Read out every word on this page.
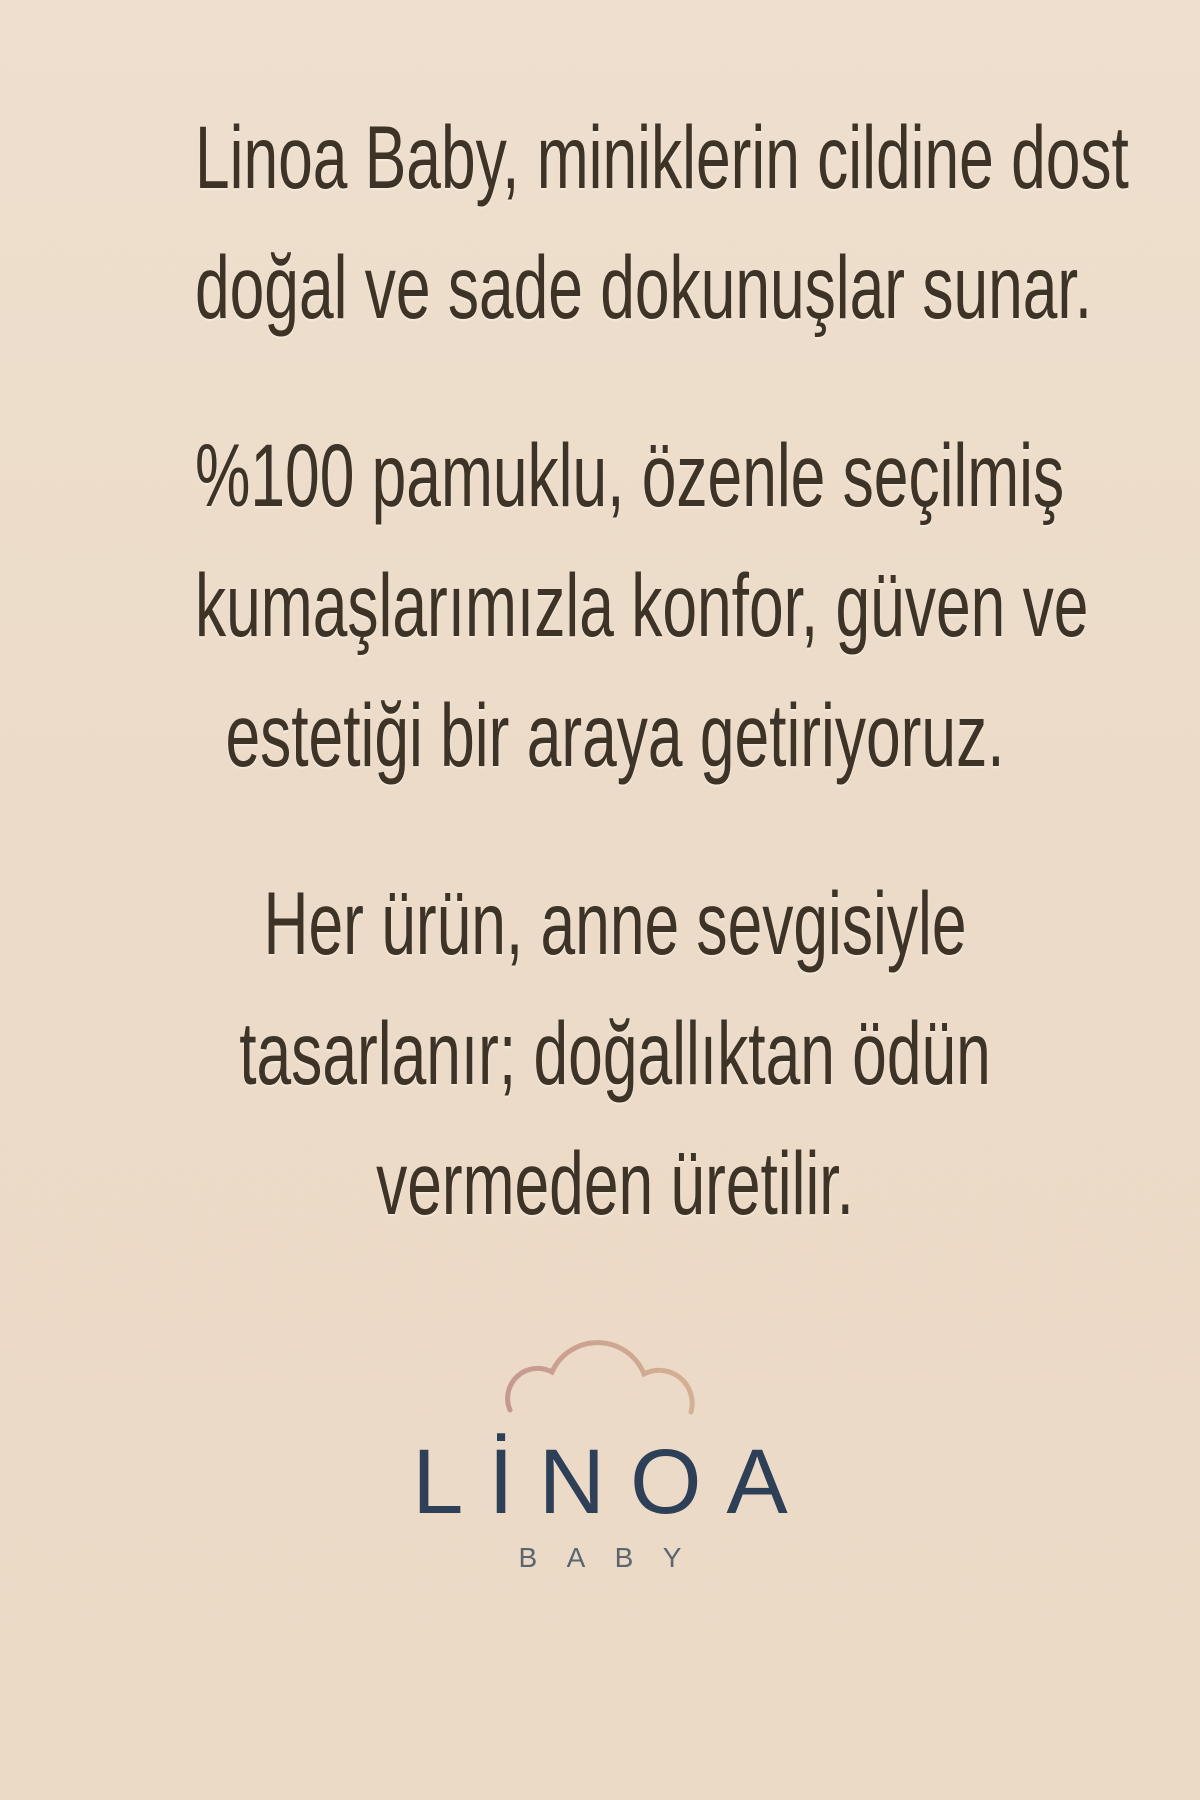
Linoa Baby, miniklerin cildine dost
doğal ve sade dokunuşlar sunar.

%100 pamuklu, özenle seçilmiş
kumaşlarımızla konfor, güven ve
estetiği bir araya getiriyoruz.

Her ürün, anne sevgisiyle
tasarlanır; doğallıktan ödün
vermeden üretilir.

LİNOA
BABY
